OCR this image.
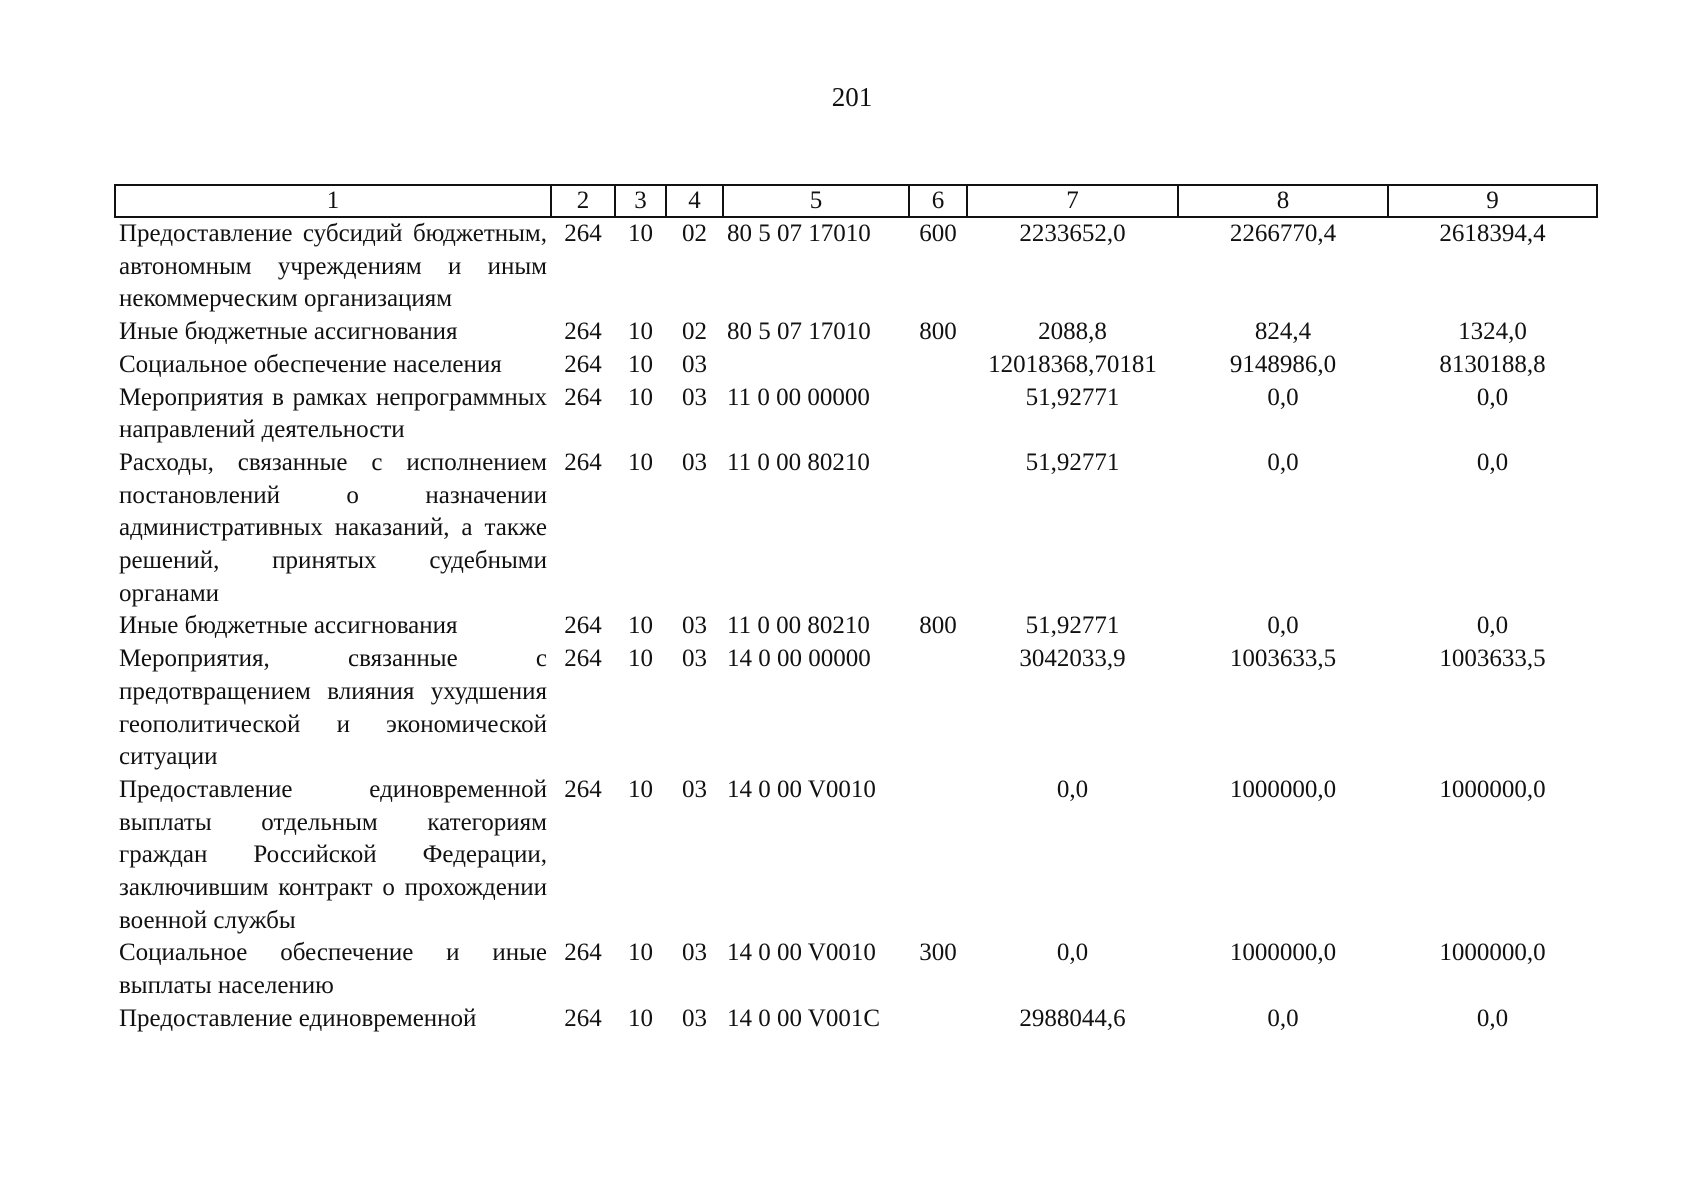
201
1	2	3	4	5	6	7	8	9
Предоставление субсидий бюджетным, автономным учреждениям и иным некоммерческим организациям	264	10	02	80 5 07 17010	600	2233652,0	2266770,4	2618394,4
Иные бюджетные ассигнования	264	10	02	80 5 07 17010	800	2088,8	824,4	1324,0
Социальное обеспечение населения	264	10	03			12018368,70181	9148986,0	8130188,8
Мероприятия в рамках непрограммных направлений деятельности	264	10	03	11 0 00 00000		51,92771	0,0	0,0
Расходы, связанные с исполнением постановлений о назначении административных наказаний, а также решений, принятых судебными органами	264	10	03	11 0 00 80210		51,92771	0,0	0,0
Иные бюджетные ассигнования	264	10	03	11 0 00 80210	800	51,92771	0,0	0,0
Мероприятия, связанные с предотвращением влияния ухудшения геополитической и экономической ситуации	264	10	03	14 0 00 00000		3042033,9	1003633,5	1003633,5
Предоставление единовременной выплаты отдельным категориям граждан Российской Федерации, заключившим контракт о прохождении военной службы	264	10	03	14 0 00 V0010		0,0	1000000,0	1000000,0
Социальное обеспечение и иные выплаты населению	264	10	03	14 0 00 V0010	300	0,0	1000000,0	1000000,0
Предоставление единовременной	264	10	03	14 0 00 V001C		2988044,6	0,0	0,0
